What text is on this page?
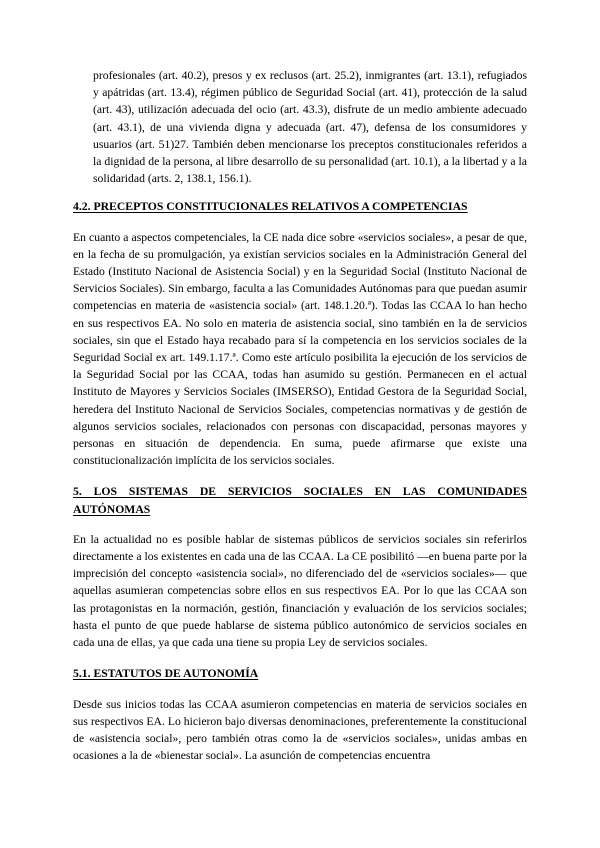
profesionales (art. 40.2), presos y ex reclusos (art. 25.2), inmigrantes (art. 13.1), refugiados y apátridas (art. 13.4), régimen público de Seguridad Social (art. 41), protección de la salud (art. 43), utilización adecuada del ocio (art. 43.3), disfrute de un medio ambiente adecuado (art. 43.1), de una vivienda digna y adecuada (art. 47), defensa de los consumidores y usuarios (art. 51)27. También deben mencionarse los preceptos constitucionales referidos a la dignidad de la persona, al libre desarrollo de su personalidad (art. 10.1), a la libertad y a la solidaridad (arts. 2, 138.1, 156.1).

4.2. PRECEPTOS CONSTITUCIONALES RELATIVOS A COMPETENCIAS

En cuanto a aspectos competenciales, la CE nada dice sobre «servicios sociales», a pesar de que, en la fecha de su promulgación, ya existían servicios sociales en la Administración General del Estado (Instituto Nacional de Asistencia Social) y en la Seguridad Social (Instituto Nacional de Servicios Sociales). Sin embargo, faculta a las Comunidades Autónomas para que puedan asumir competencias en materia de «asistencia social» (art. 148.1.20.ª). Todas las CCAA lo han hecho en sus respectivos EA. No solo en materia de asistencia social, sino también en la de servicios sociales, sin que el Estado haya recabado para sí la competencia en los servicios sociales de la Seguridad Social ex art. 149.1.17.ª. Como este artículo posibilita la ejecución de los servicios de la Seguridad Social por las CCAA, todas han asumido su gestión. Permanecen en el actual Instituto de Mayores y Servicios Sociales (IMSERSO), Entidad Gestora de la Seguridad Social, heredera del Instituto Nacional de Servicios Sociales, competencias normativas y de gestión de algunos servicios sociales, relacionados con personas con discapacidad, personas mayores y personas en situación de dependencia. En suma, puede afirmarse que existe una constitucionalización implícita de los servicios sociales.

5. LOS SISTEMAS DE SERVICIOS SOCIALES EN LAS COMUNIDADES AUTÓNOMAS

En la actualidad no es posible hablar de sistemas públicos de servicios sociales sin referirlos directamente a los existentes en cada una de las CCAA. La CE posibilitó —en buena parte por la imprecisión del concepto «asistencia social», no diferenciado del de «servicios sociales»— que aquellas asumieran competencias sobre ellos en sus respectivos EA. Por lo que las CCAA son las protagonistas en la normación, gestión, financiación y evaluación de los servicios sociales; hasta el punto de que puede hablarse de sistema público autonómico de servicios sociales en cada una de ellas, ya que cada una tiene su propia Ley de servicios sociales.

5.1. ESTATUTOS DE AUTONOMÍA

Desde sus inicios todas las CCAA asumieron competencias en materia de servicios sociales en sus respectivos EA. Lo hicieron bajo diversas denominaciones, preferentemente la constitucional de «asistencia social», pero también otras como la de «servicios sociales», unidas ambas en ocasiones a la de «bienestar social». La asunción de competencias encuentra
